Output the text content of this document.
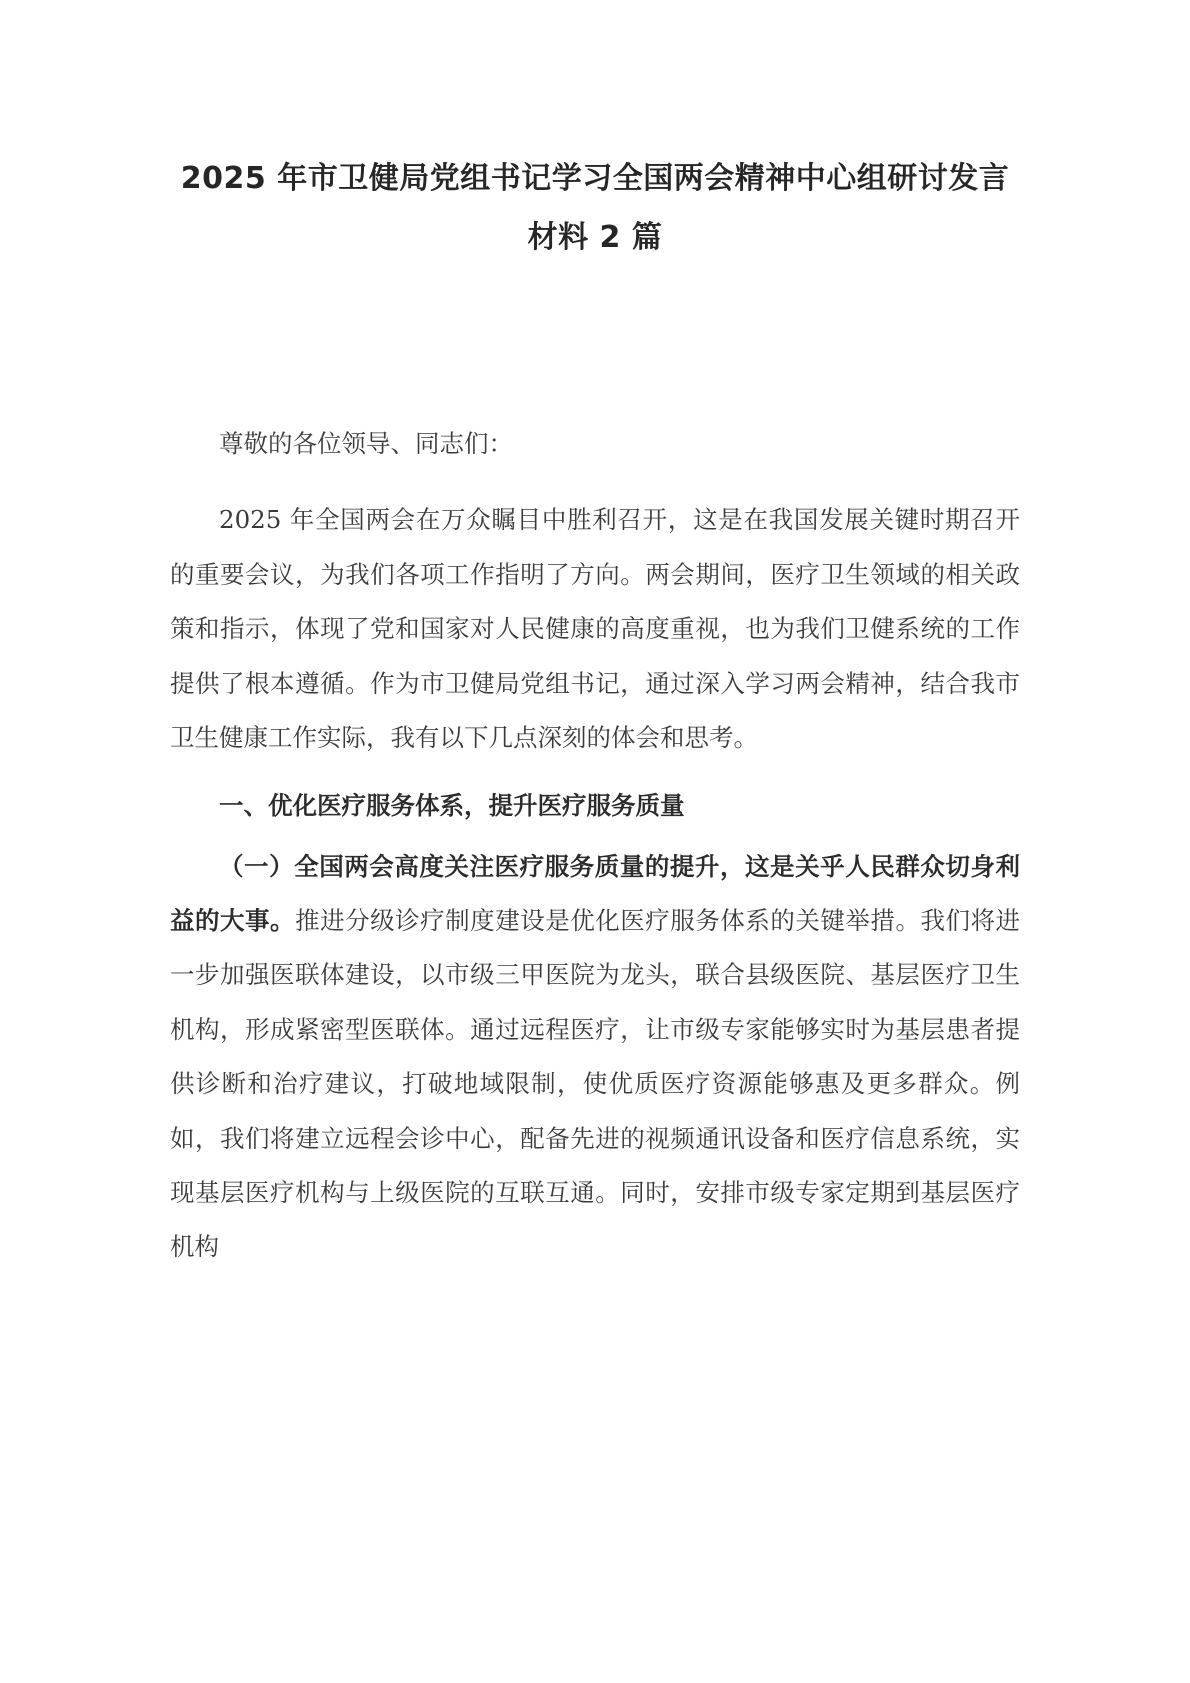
2025 年市卫健局党组书记学习全国两会精神中心组研讨发言材料 2 篇

尊敬的各位领导、同志们：

2025 年全国两会在万众瞩目中胜利召开，这是在我国发展关键时期召开的重要会议，为我们各项工作指明了方向。两会期间，医疗卫生领域的相关政策和指示，体现了党和国家对人民健康的高度重视，也为我们卫健系统的工作提供了根本遵循。作为市卫健局党组书记，通过深入学习两会精神，结合我市卫生健康工作实际，我有以下几点深刻的体会和思考。

一、优化医疗服务体系，提升医疗服务质量

（一）全国两会高度关注医疗服务质量的提升，这是关乎人民群众切身利益的大事。推进分级诊疗制度建设是优化医疗服务体系的关键举措。我们将进一步加强医联体建设，以市级三甲医院为龙头，联合县级医院、基层医疗卫生机构，形成紧密型医联体。通过远程医疗，让市级专家能够实时为基层患者提供诊断和治疗建议，打破地域限制，使优质医疗资源能够惠及更多群众。例如，我们将建立远程会诊中心，配备先进的视频通讯设备和医疗信息系统，实现基层医疗机构与上级医院的互联互通。同时，安排市级专家定期到基层医疗机构
